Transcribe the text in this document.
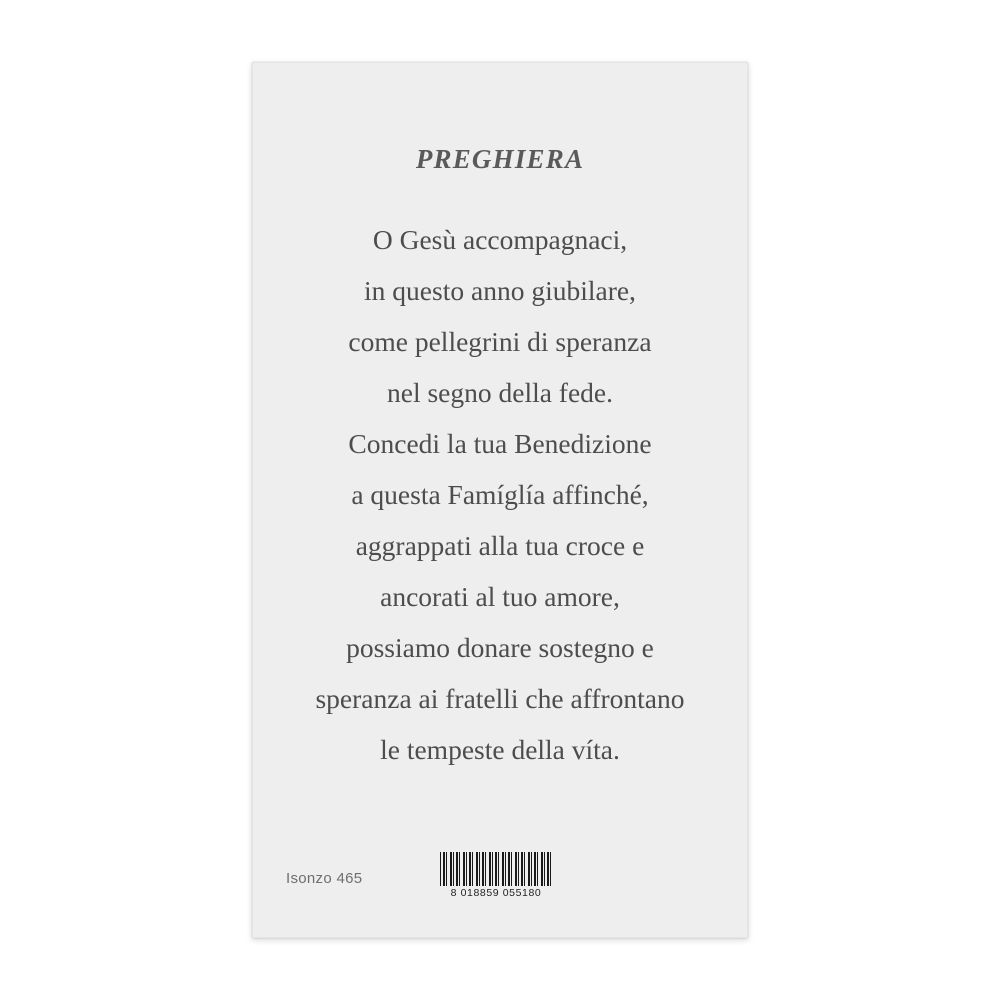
PREGHIERA
O Gesù accompagnaci,
in questo anno giubilare,
come pellegrini di speranza
nel segno della fede.
Concedi la tua Benedizione
a questa Famíglía affinché,
aggrappati alla tua croce e
ancorati al tuo amore,
possiamo donare sostegno e
speranza ai fratelli che affrontano
le tempeste della víta.
Isonzo 465
8 018859 055180
